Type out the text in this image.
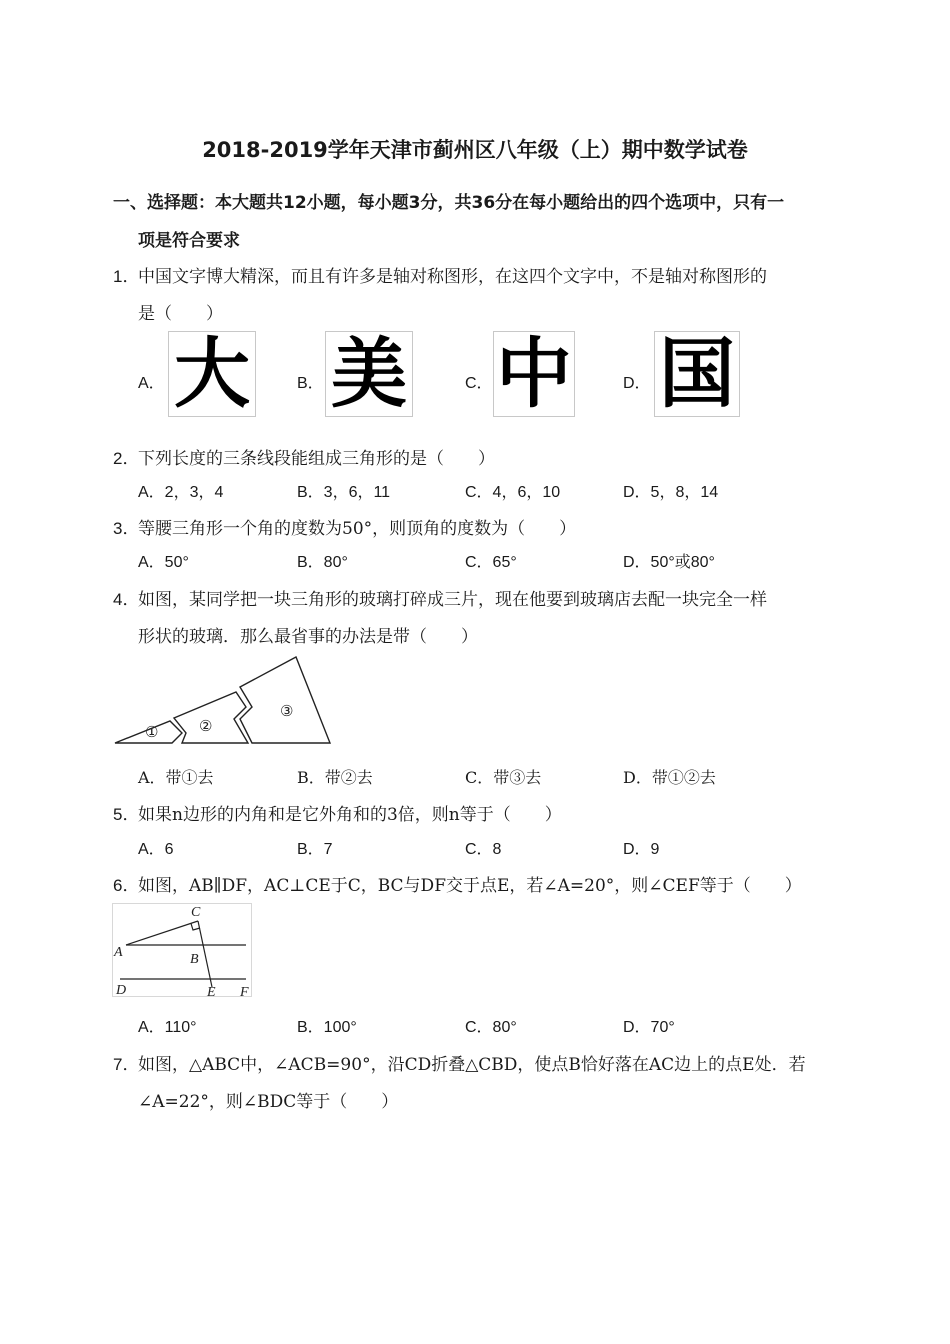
2018-2019学年天津市蓟州区八年级（上）期中数学试卷
一、选择题：本大题共12小题，每小题3分，共36分在每小题给出的四个选项中，只有一
项是符合要求
1．
中国文字博大精深，而且有许多是轴对称图形，在这四个文字中，不是轴对称图形的
是（　　）
A． 大	B． 美	C． 中	D． 国
2．
下列长度的三条线段能组成三角形的是（　　）
A．2，3，4	B．3，6，11	C．4，6，10	D．5，8，14
3．
等腰三角形一个角的度数为50°，则顶角的度数为（　　）
A．50°	B．80°	C．65°	D．50°或80°
4．
如图，某同学把一块三角形的玻璃打碎成三片，现在他要到玻璃店去配一块完全一样
形状的玻璃．那么最省事的办法是带（　　）
①	②
③
A．带①去	B．带②去	C．带③去	D．带①②去
5．
如果n边形的内角和是它外角和的3倍，则n等于（　　）
A．6	B．7	C．8	D．9
6．
如图，AB∥DF，AC⊥CE于C，BC与DF交于点E，若∠A=20°，则∠CEF等于（　　）
C
A	B
D	E F
A．110°	B．100°	C．80°	D．70°
7．
如图，△ABC中，∠ACB=90°，沿CD折叠△CBD，使点B恰好落在AC边上的点E处．若
∠A=22°，则∠BDC等于（　　）
